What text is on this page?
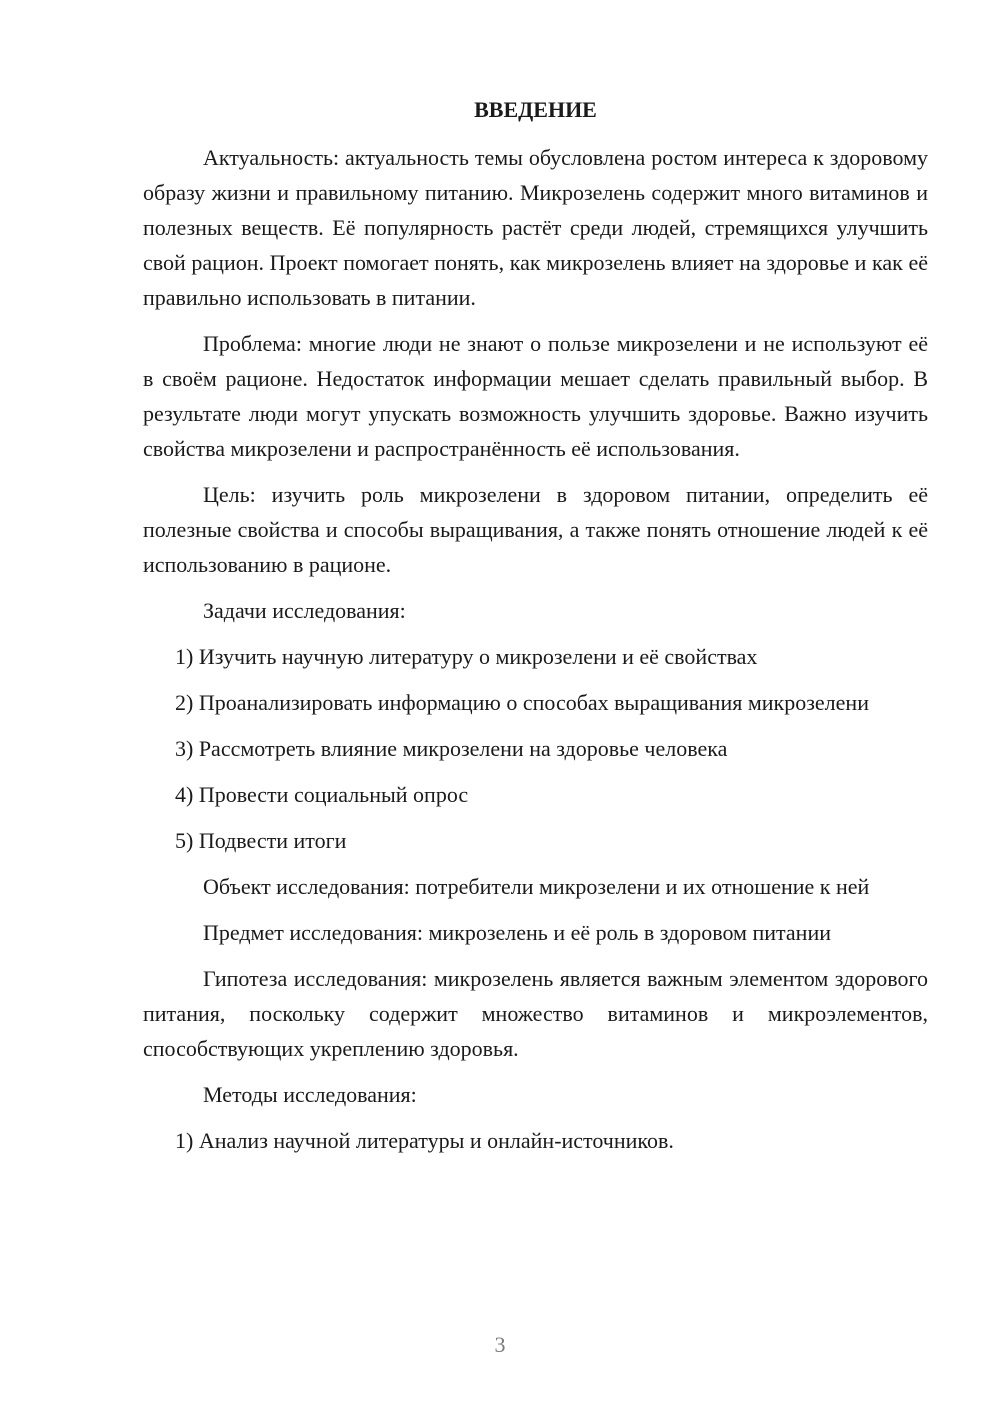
ВВЕДЕНИЕ

Актуальность: актуальность темы обусловлена ростом интереса к здоровому образу жизни и правильному питанию. Микрозелень содержит много витаминов и полезных веществ. Её популярность растёт среди людей, стремящихся улучшить свой рацион. Проект помогает понять, как микрозелень влияет на здоровье и как её правильно использовать в питании.

Проблема: многие люди не знают о пользе микрозелени и не используют её в своём рационе. Недостаток информации мешает сделать правильный выбор. В результате люди могут упускать возможность улучшить здоровье. Важно изучить свойства микрозелени и распространённость её использования.

Цель: изучить роль микрозелени в здоровом питании, определить её полезные свойства и способы выращивания, а также понять отношение людей к её использованию в рационе.

Задачи исследования:

1) Изучить научную литературу о микрозелени и её свойствах

2) Проанализировать информацию о способах выращивания микрозелени

3) Рассмотреть влияние микрозелени на здоровье человека

4) Провести социальный опрос

5) Подвести итоги

Объект исследования: потребители микрозелени и их отношение к ней

Предмет исследования: микрозелень и её роль в здоровом питании

Гипотеза исследования: микрозелень является важным элементом здорового питания, поскольку содержит множество витаминов и микроэлементов, способствующих укреплению здоровья.

Методы исследования:

1) Анализ научной литературы и онлайн-источников.

3
